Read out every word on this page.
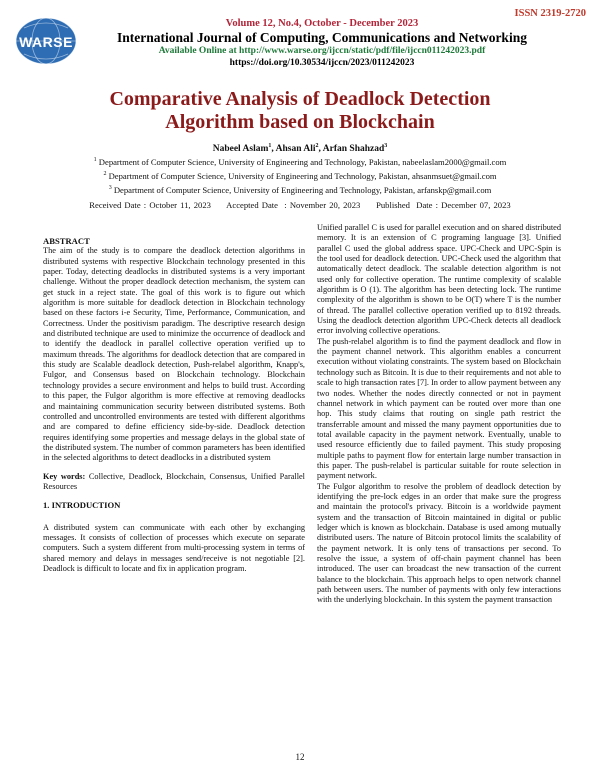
ISSN 2319-2720
WARSE
Volume 12, No.4, October - December 2023
International Journal of Computing, Communications and Networking
Available Online at http://www.warse.org/ijccn/static/pdf/file/ijccn011242023.pdf
https://doi.org/10.30534/ijccn/2023/011242023
Comparative Analysis of Deadlock Detection
Algorithm based on Blockchain
Nabeel Aslam$^1$, Ahsan Ali$^2$, Arfan Shahzad$^3$
$^1$ Department of Computer Science, University of Engineering and Technology, Pakistan, nabeelaslam2000@gmail.com
$^2$ Department of Computer Science, University of Engineering and Technology, Pakistan, ahsanmsuet@gmail.com
$^3$ Department of Computer Science, University of Engineering and Technology, Pakistan, arfanskp@gmail.com
Received Date : October 11, 2023     Accepted Date  : November 20, 2023     Published  Date : December 07, 2023

ABSTRACT

The aim of the study is to compare the deadlock detection algorithms in distributed systems with respective Blockchain technology presented in this paper. Today, detecting deadlocks in distributed systems is a very important challenge. Without the proper deadlock detection mechanism, the system can get stuck in a reject state. The goal of this work is to figure out which algorithm is more suitable for deadlock detection in Blockchain technology based on these factors i-e Security, Time, Performance, Communication, and Correctness. Under the positivism paradigm. The descriptive research design and distributed technique are used to minimize the occurrence of deadlock and to identify the deadlock in parallel collective operation verified up to maximum threads. The algorithms for deadlock detection that are compared in this study are Scalable deadlock detection, Push-relabel algorithm, Knapp's, Fulgor, and Consensus based on Blockchain technology. Blockchain technology provides a secure environment and helps to build trust. According to this paper, the Fulgor algorithm is more effective at removing deadlocks and maintaining communication security between distributed systems. Both controlled and uncontrolled environments are tested with different algorithms and are compared to define efficiency side-by-side. Deadlock detection requires identifying some properties and message delays in the global state of the distributed system. The number of common parameters has been identified in the selected algorithms to detect deadlocks in a distributed system

Key words: Collective, Deadlock, Blockchain, Consensus, Unified Parallel Resources

1. INTRODUCTION

A distributed system can communicate with each other by exchanging messages. It consists of collection of processes which execute on separate computers. Such a system different from multi-processing system in terms of shared memory and delays in messages send/receive is not negotiable [2]. Deadlock is difficult to locate and fix in application program.

Unified parallel C is used for parallel execution and on shared distributed memory. It is an extension of C programing language [3]. Unified parallel C used the global address space. UPC-Check and UPC-Spin is the tool used for deadlock detection. UPC-Check used the algorithm that automatically detect deadlock. The scalable detection algorithm is not used only for collective operation. The runtime complexity of scalable algorithm is O (1). The algorithm has been detecting lock. The runtime complexity of the algorithm is shown to be O(T) where T is the number of thread. The parallel collective operation verified up to 8192 threads. Using the deadlock detection algorithm UPC-Check detects all deadlock error involving collective operations.

The push-relabel algorithm is to find the payment deadlock and flow in the payment channel network. This algorithm enables a concurrent execution without violating constraints. The system based on Blockchain technology such as Bitcoin. It is due to their requirements and not able to scale to high transaction rates [7]. In order to allow payment between any two nodes. Whether the nodes directly connected or not in payment channel network in which payment can be routed over more than one hop. This study claims that routing on single path restrict the transferrable amount and missed the many payment opportunities due to total available capacity in the payment network. Eventually, unable to used resource efficiently due to failed payment. This study proposing multiple paths to payment flow for entertain large number transaction in this paper. The push-relabel is particular suitable for route selection in payment network.

The Fulgor algorithm to resolve the problem of deadlock detection by identifying the pre-lock edges in an order that make sure the progress and maintain the protocol's privacy. Bitcoin is a worldwide payment system and the transaction of Bitcoin maintained in digital or public ledger which is known as blockchain. Database is used among mutually distributed users. The nature of Bitcoin protocol limits the scalability of the payment network. It is only tens of transactions per second. To resolve the issue, a system of off-chain payment channel has been introduced. The user can broadcast the new transaction of the current balance to the blockchain. This approach helps to open network channel path between users. The number of payments with only few interactions with the underlying blockchain. In this system the payment transaction

12
